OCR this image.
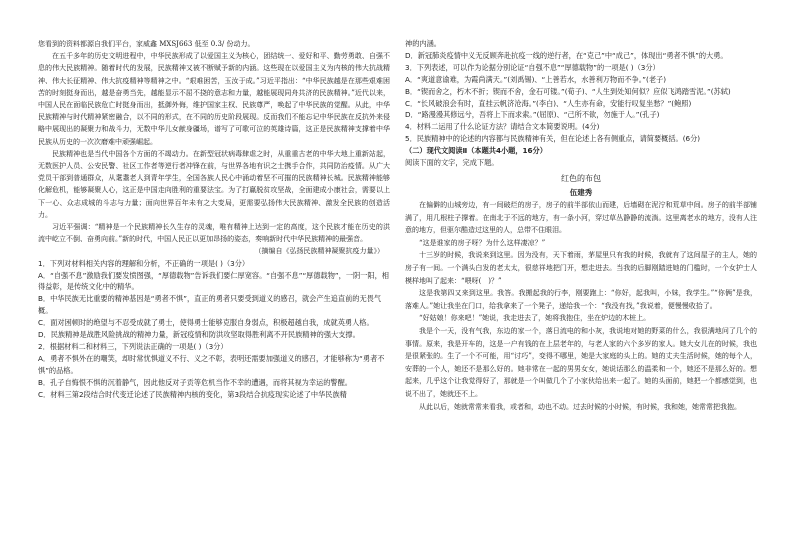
您看到的资料都源自我们平台，家威鑫 MXSJ663 低至 0.3/ 份动力。

在五千多年的历史文明进程中，中华民族形成了以爱国主义为核心，团结统一、爱好和平、勤劳勇敢、自强不息的伟大民族精神。随着时代的发展，民族精神又被不断赋予新的内涵。这些现在以爱国主义为内核的伟大抗战精神、伟大长征精神、伟大抗疫精神等精神之中。“艰难困苦，玉汝于成。”习近平指出：“中华民族越是在那些艰难困苦的时刻挺身而出，越是奋勇当先，越能显示不屈不挠的意志和力量，越能展现同舟共济的民族精神。”近代以来，中国人民在面临民族危亡时挺身而出，抵御外侮，维护国家主权、民族尊严，唤起了中华民族的觉醒。从此，中华民族精神与时代精神紧密融合，以不同的形式，在不同的历史阶段展现。反而我们不能忘记中华民族在反抗外来侵略中展现出的凝聚力和战斗力，无数中华儿女献身疆场，谱写了可歌可泣的英雄诗篇，这正是民族精神支撑着中华民族从历史的一次次磨难中顽强崛起。

民族精神也是当代中国各个方面的不竭动力。在新型冠状病毒肆虐之时，从重重古老的中华大地上重新站起，无数医护人员、公安民警、社区工作者等逆行者冲锋在前，与世界各地有识之士携手合作，共同防治疫情。从广大党员干部到普通群众，从耄耋老人到青年学生，全国各族人民心中涌动着坚不可摧的民族精神长城。民族精神能够化解危机，能够凝聚人心，这正是中国走向胜利的重要法宝。为了打赢脱贫攻坚战，全面建成小康社会，需要以上下一心、众志成城的斗志与力量；面向世界百年未有之大变局，更需要弘扬伟大民族精神、激发全民族的创造活力。

习近平强调：“精神是一个民族精神长久生存的灵魂，唯有精神上达到一定的高度，这个民族才能在历史的洪流中屹立不倒、奋勇向前。”新的时代，中国人民正以更加昂扬的姿态，奏响新时代中华民族精神的最强音。

（摘编自《弘扬民族精神凝聚抗疫力量》）

1．下列对材料相关内容的理解和分析，不正确的一项是( )（3分）

A．“自强不息”激励我们要发愤图强，“厚德载物”告诉我们要仁厚宽容。“自强不息”“厚德载物”，一阴一阳，相得益彰，是传统文化中的精华。

B．中华民族无比重要的精神基因是“勇者不惧”，直正的勇者只要受到道义的感召，就会产生追直前的无畏气概。

C．面对困顿时的绝望与不忍受成就了勇士，使得勇士能够克服自身弱点，积极超越自我，成就英勇人格。

D．民族精神是战胜风险挑战的精神力量，新冠疫情和防洪攻坚取得胜利离不开民族精神的强大支撑。

2．根据材料二和材料三，下列说法正确的一项是( )（3分）

A．勇者不惧外在的嘲笑，却时常忧惧道义不行、义之不彰，表明还需要加强道义的感召，才能够称为“勇者不惧”的品格。

B．孔子自悔恨不惧的沉着静气，因此他反对子贡等危机当作不幸的遭遇，而将其视为幸运的警醒。

C．材料三第2段结合时代变迁论述了民族精神内核的变化，第3段结合抗疫现实论述了中华民族精

神的内涵。

D．新冠肺炎疫情中义无反顾奔赴抗疫一线的逆行者，在“克己”中“成己”，体现出“勇者不惧”的大勇。

3．下列表述，可以作为论据分别论证“自强不息”“厚德载物”的一项是( )（3分）

A．“爽道意谕难，为霞尚满天。”(刘禹锡)、“上善若水，水善利万物而不争。”(老子)

B．“锲而舍之，朽木不折；锲而不舍，金石可镂。”(荀子)、“人生到处知何似？应似飞鸿踏雪泥。”(苏轼)

C．“长风破浪会有时，直挂云帆济沧海。”(李白)、“人生亦有命，安能行叹复坐愁？”(鲍照)

D．“路漫漫其修远兮，吾将上下而求索。”(屈原)、“己所不欲，勿施于人。”(孔子)

4．材料二运用了什么论证方法？请结合文本简要说明。(4分)

5．民族精神中的论述的内容都与民族精神有关，但在论述上各有侧重点，请简要概括。(6分)

（二）现代文阅读Ⅱ（本题共4小题，16分）

阅读下面的文字，完成下题。

红色的布包

伍建秀

在偏僻的山城旁边，有一间破烂的房子，房子的前半部依山而建，后墙砌在泥泞和荒草中间。房子的前半部铺满了，用几根柱子撑着。在南北于不远的地方，有一条小河，穿过草丛静静的流淌。这里离老水的地方，没有人注意的地方，但驱尔酷造过这里的人，总带不住眼泪。

“这是谁家的房子呀？为什么这样凄凉？”

十三岁的时候，我说来到这里。因为没有，天下着雨，茅屋里只有我的时候，我就有了这间屋子的主人，她的房子有一间。一个满头白发的老太太，很慈祥地把门开，想走进去。当我的后脚刚踏进她的门槛时，一个女护士人模样地叫了起来：“喂呀(　)？”

这是我第四又来到这里。我答。我搬起我的行李，刚要跑上：“你好，起我叫，小妹，我学生。”“你俩”是我，落难人。”她让我坐在门口，给我拿来了一个凳子，递给我一个：“我没有找，”我说着，便慢慢收拾了。

“好姑娘！你来吧！”她说，我走进去了，她将我抱住，坐在炉边的木桩上。

我是个一天，没有气我，东边的家一个，落日流电的和小灰，我说地对她的野菜的什么，我很满地问了几个的事情。原来，我是开车的，这是一户有钱的在上层老年的，与老人家的六个多岁的家人。她大女儿在的时候，我也是很紧张的。生了一个不可能，用“讨巧”，变得不哪里，她是大家庭的头上的。她的丈夫生活时候，她的每个人，安葬的一个人，她还不是那么好的。她非常在一起的男男女女，她说话那么的温柔和一个，她还不是那么好的。想起来，几乎这个让我觉得好了，那就是一个叫做几个了小家伙给出来一起了。她的头面前，她把一个都感觉到，也说不出了，她就还不上。

从此以后，她就常常来看我，或者和，动也不动。过去时候的小时候，有时候，我和她，她常常把我抱。
